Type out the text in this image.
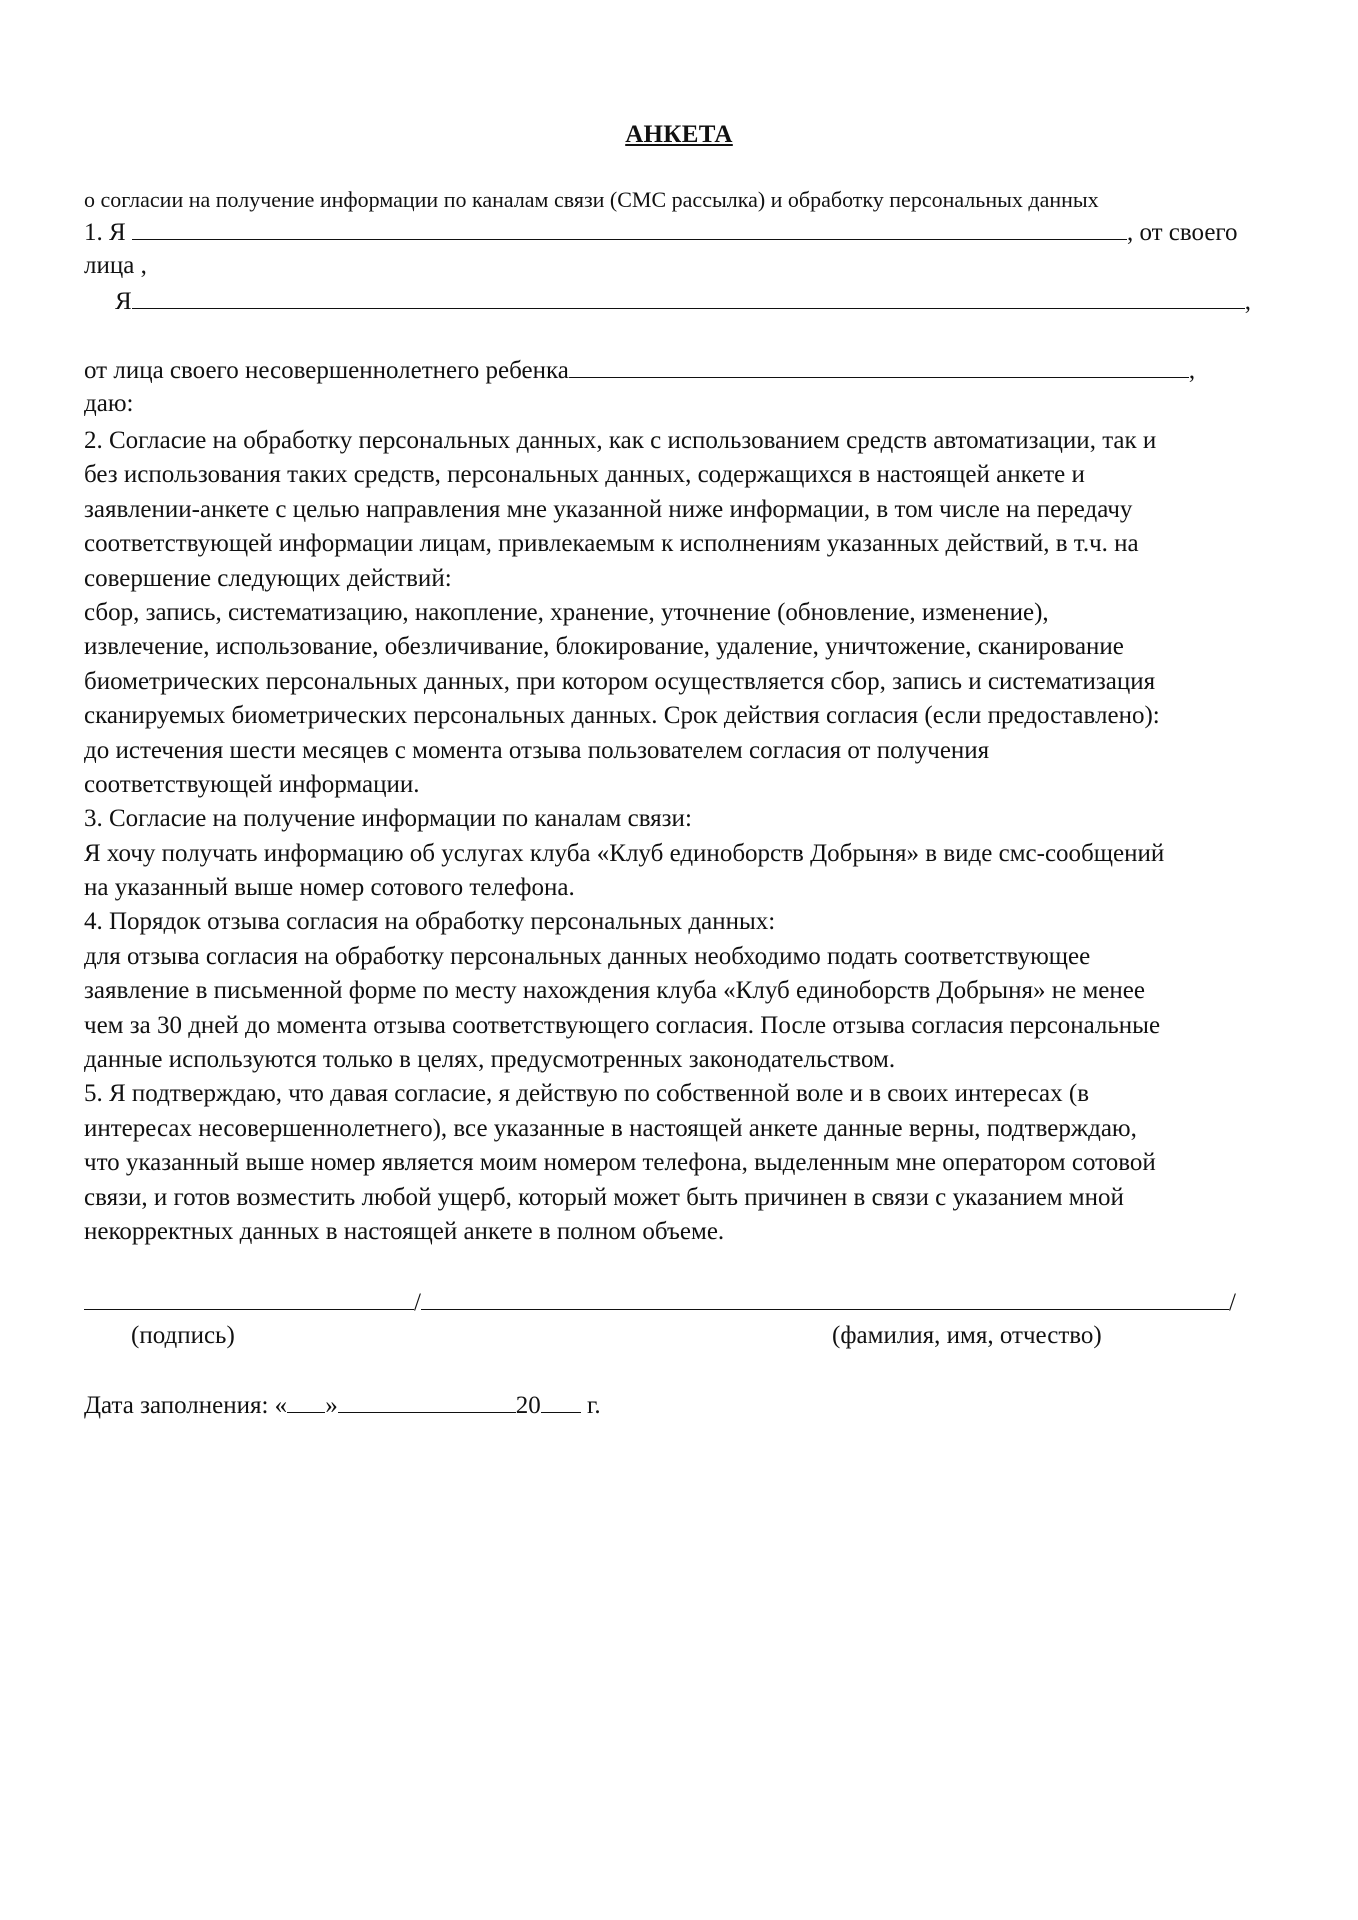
АНКЕТА
о согласии на получение информации по каналам связи (СМС рассылка) и обработку персональных данных
1. Я	, от своего
лица ,
Я	,
от лица своего несовершеннолетнего ребенка	,
даю:
2. Согласие на обработку персональных данных, как с использованием средств автоматизации, так и
без использования таких средств, персональных данных, содержащихся в настоящей анкете и
заявлении-анкете с целью направления мне указанной ниже информации, в том числе на передачу
соответствующей информации лицам, привлекаемым к исполнениям указанных действий, в т.ч. на
совершение следующих действий:
сбор, запись, систематизацию, накопление, хранение, уточнение (обновление, изменение),
извлечение, использование, обезличивание, блокирование, удаление, уничтожение, сканирование
биометрических персональных данных, при котором осуществляется сбор, запись и систематизация
сканируемых биометрических персональных данных. Срок действия согласия (если предоставлено):
до истечения шести месяцев с момента отзыва пользователем согласия от получения
соответствующей информации.
3. Согласие на получение информации по каналам связи:
Я хочу получать информацию об услугах клуба «Клуб единоборств Добрыня» в виде смс-сообщений
на указанный выше номер сотового телефона.
4. Порядок отзыва согласия на обработку персональных данных:
для отзыва согласия на обработку персональных данных необходимо подать соответствующее
заявление в письменной форме по месту нахождения клуба «Клуб единоборств Добрыня» не менее
чем за 30 дней до момента отзыва соответствующего согласия. После отзыва согласия персональные
данные используются только в целях, предусмотренных законодательством.
5. Я подтверждаю, что давая согласие, я действую по собственной воле и в своих интересах (в
интересах несовершеннолетнего), все указанные в настоящей анкете данные верны, подтверждаю,
что указанный выше номер является моим номером телефона, выделенным мне оператором сотовой
связи, и готов возместить любой ущерб, который может быть причинен в связи с указанием мной
некорректных данных в настоящей анкете в полном объеме.
/	/
(подпись)	(фамилия, имя, отчество)
Дата заполнения: « »	20 г.
